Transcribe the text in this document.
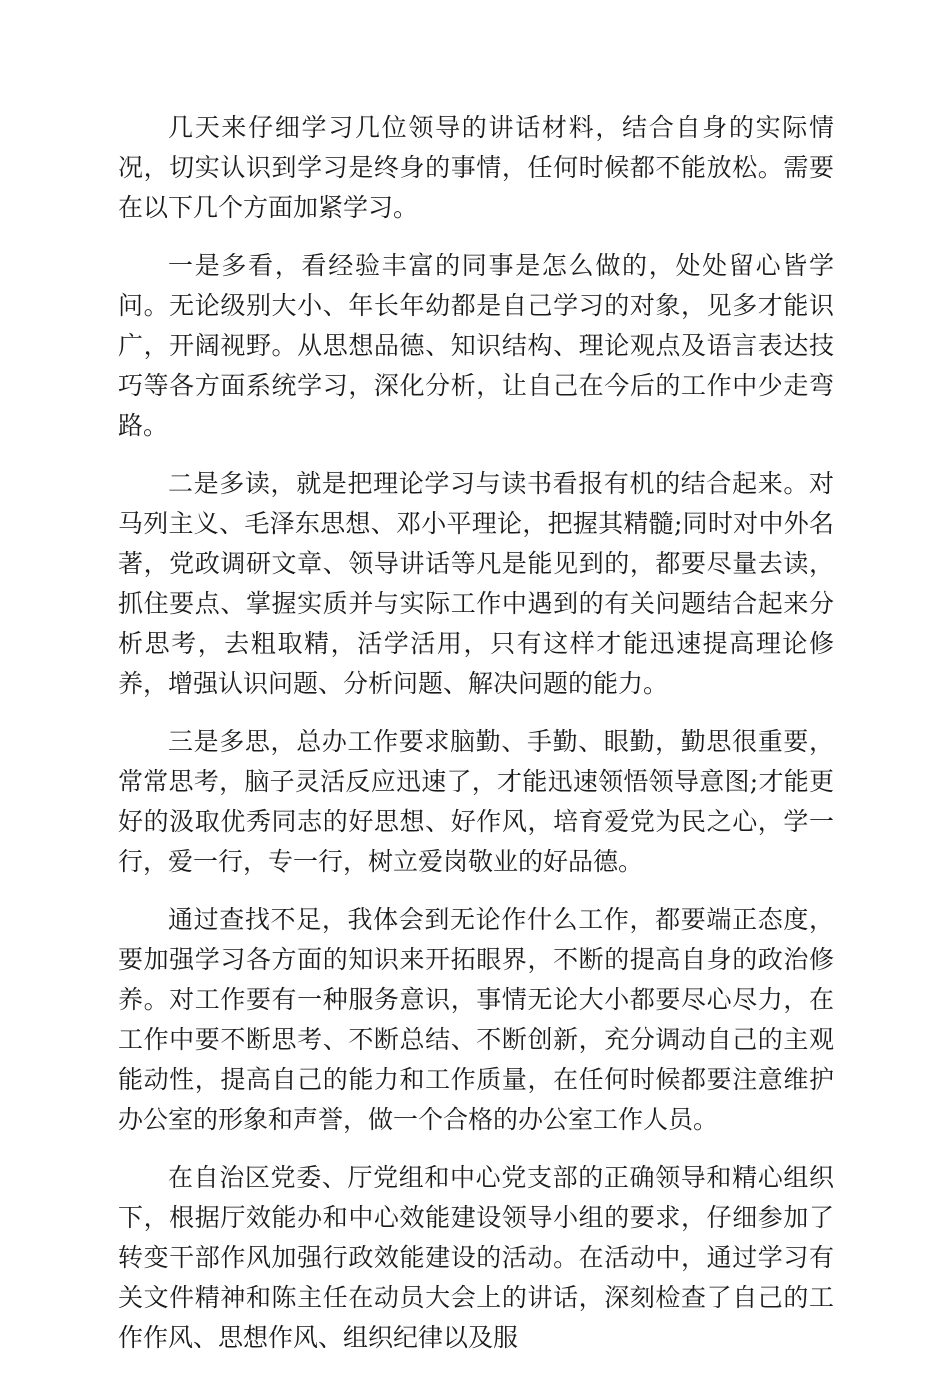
几天来仔细学习几位领导的讲话材料，结合自身的实际情况，切实认识到学习是终身的事情，任何时候都不能放松。需要在以下几个方面加紧学习。

一是多看，看经验丰富的同事是怎么做的，处处留心皆学问。无论级别大小、年长年幼都是自己学习的对象，见多才能识广，开阔视野。从思想品德、知识结构、理论观点及语言表达技巧等各方面系统学习，深化分析，让自己在今后的工作中少走弯路。

二是多读，就是把理论学习与读书看报有机的结合起来。对马列主义、毛泽东思想、邓小平理论，把握其精髓;同时对中外名著，党政调研文章、领导讲话等凡是能见到的，都要尽量去读，抓住要点、掌握实质并与实际工作中遇到的有关问题结合起来分析思考，去粗取精，活学活用，只有这样才能迅速提高理论修养，增强认识问题、分析问题、解决问题的能力。

三是多思，总办工作要求脑勤、手勤、眼勤，勤思很重要，常常思考，脑子灵活反应迅速了，才能迅速领悟领导意图;才能更好的汲取优秀同志的好思想、好作风，培育爱党为民之心，学一行，爱一行，专一行，树立爱岗敬业的好品德。

通过查找不足，我体会到无论作什么工作，都要端正态度，要加强学习各方面的知识来开拓眼界，不断的提高自身的政治修养。对工作要有一种服务意识，事情无论大小都要尽心尽力，在工作中要不断思考、不断总结、不断创新，充分调动自己的主观能动性，提高自己的能力和工作质量，在任何时候都要注意维护办公室的形象和声誉，做一个合格的办公室工作人员。

在自治区党委、厅党组和中心党支部的正确领导和精心组织下，根据厅效能办和中心效能建设领导小组的要求，仔细参加了转变干部作风加强行政效能建设的活动。在活动中，通过学习有关文件精神和陈主任在动员大会上的讲话，深刻检查了自己的工作作风、思想作风、组织纪律以及服
